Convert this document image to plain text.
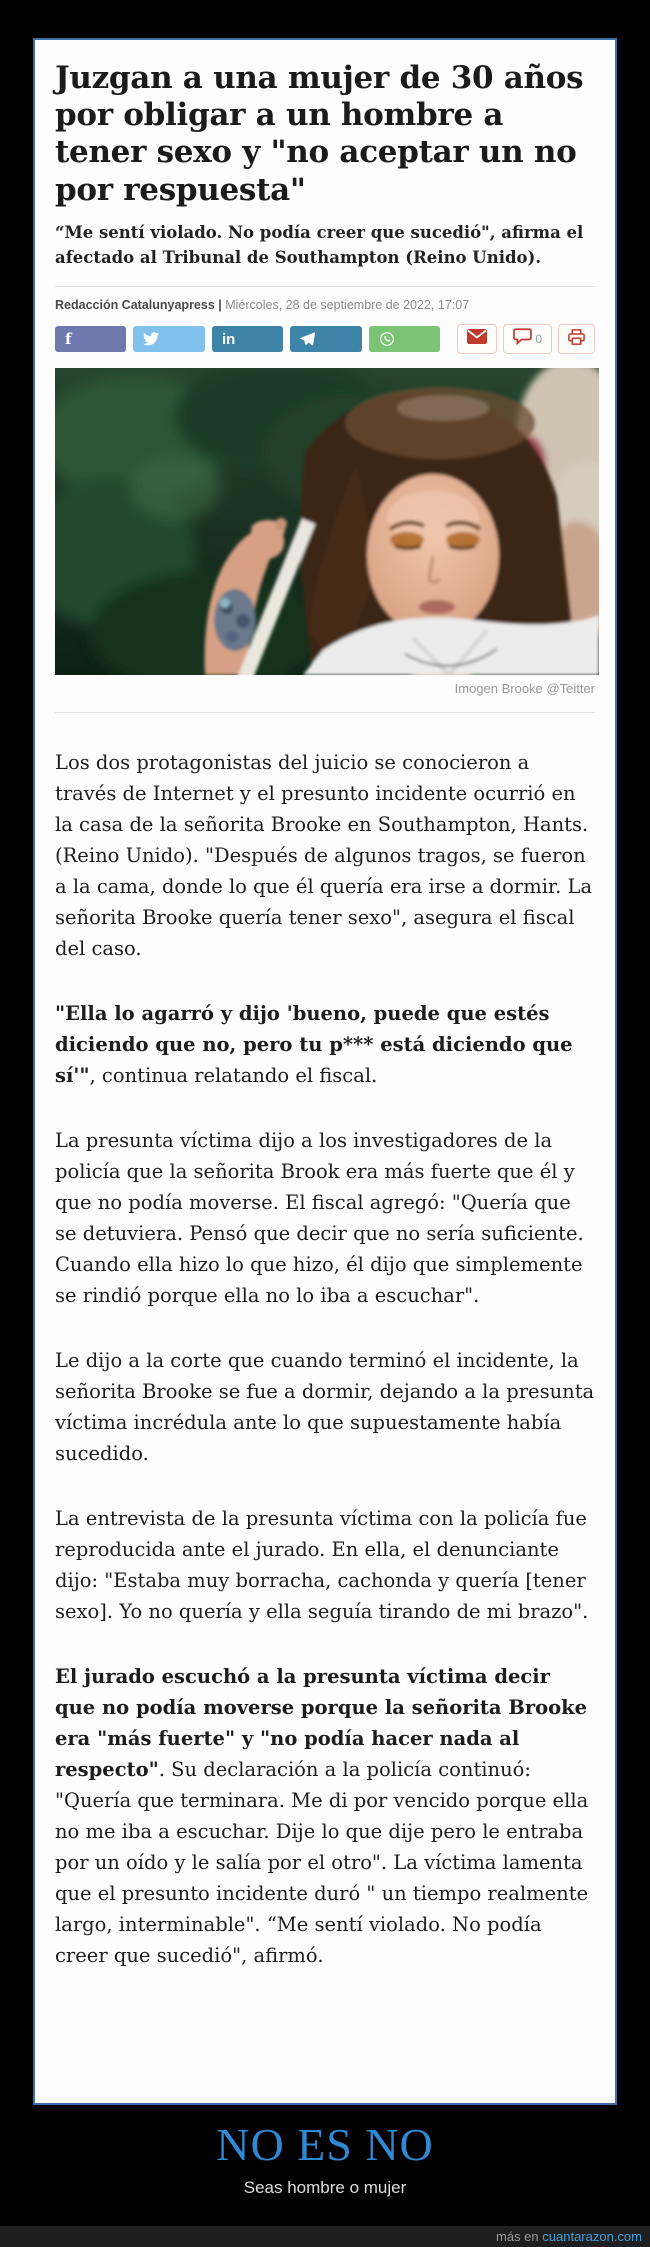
Juzgan a una mujer de 30 años por obligar a un hombre a tener sexo y "no aceptar un no por respuesta"

“Me sentí violado. No podía creer que sucedió", afirma el afectado al Tribunal de Southampton (Reino Unido).

Redacción Catalunyapress | Miércoles, 28 de septiembre de 2022, 17:07
f	in	0
Imogen Brooke @Teitter

Los dos protagonistas del juicio se conocieron a través de Internet y el presunto incidente ocurrió en la casa de la señorita Brooke en Southampton, Hants. (Reino Unido). "Después de algunos tragos, se fueron a la cama, donde lo que él quería era irse a dormir. La señorita Brooke quería tener sexo", asegura el fiscal del caso.

"Ella lo agarró y dijo 'bueno, puede que estés diciendo que no, pero tu p*** está diciendo que sí'", continua relatando el fiscal.

La presunta víctima dijo a los investigadores de la policía que la señorita Brook era más fuerte que él y que no podía moverse. El fiscal agregó: "Quería que se detuviera. Pensó que decir que no sería suficiente. Cuando ella hizo lo que hizo, él dijo que simplemente se rindió porque ella no lo iba a escuchar".

Le dijo a la corte que cuando terminó el incidente, la señorita Brooke se fue a dormir, dejando a la presunta víctima incrédula ante lo que supuestamente había sucedido.

La entrevista de la presunta víctima con la policía fue reproducida ante el jurado. En ella, el denunciante dijo: "Estaba muy borracha, cachonda y quería [tener sexo]. Yo no quería y ella seguía tirando de mi brazo".

El jurado escuchó a la presunta víctima decir que no podía moverse porque la señorita Brooke era "más fuerte" y "no podía hacer nada al respecto". Su declaración a la policía continuó: "Quería que terminara. Me di por vencido porque ella no me iba a escuchar. Dije lo que dije pero le entraba por un oído y le salía por el otro". La víctima lamenta que el presunto incidente duró " un tiempo realmente largo, interminable". “Me sentí violado. No podía creer que sucedió", afirmó.

NO ES NO

Seas hombre o mujer

más en cuantarazon.com
